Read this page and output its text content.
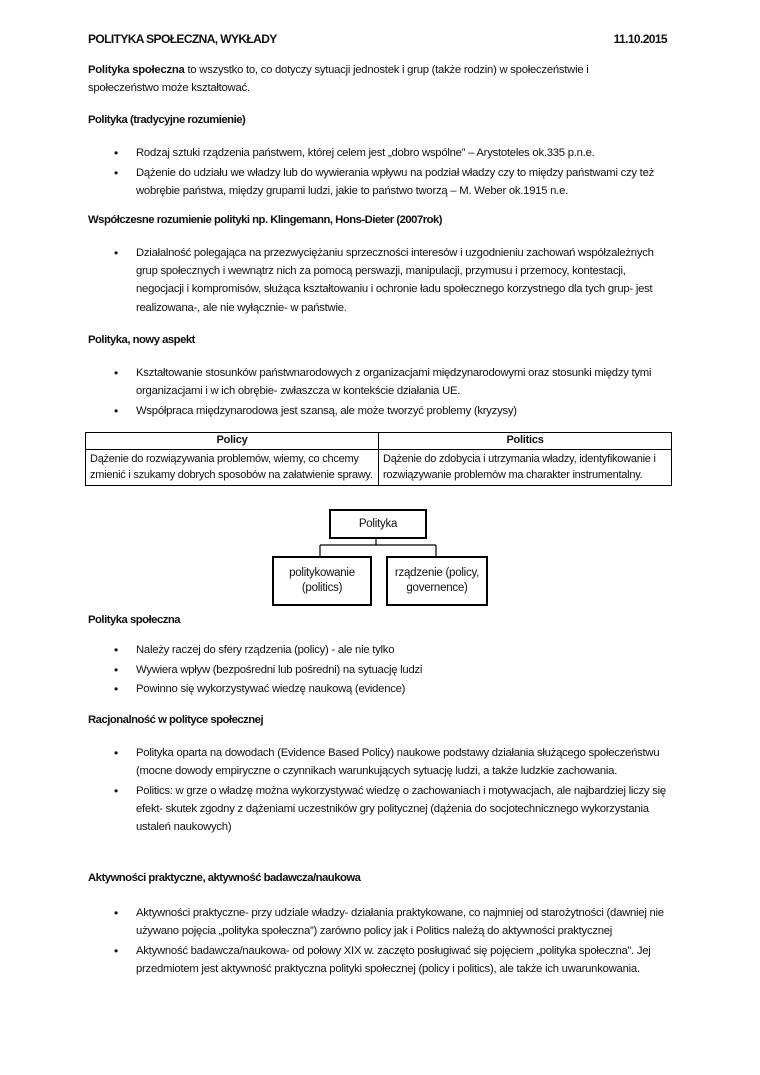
POLITYKA SPOŁECZNA, WYKŁADY	11.10.2015

Polityka społeczna to wszystko to, co dotyczy sytuacji jednostek i grup (także rodzin) w społeczeństwie i
społeczeństwo może kształtować.

Polityka (tradycyjne rozumienie)

• Rodzaj sztuki rządzenia państwem, której celem jest „dobro wspólne” – Arystoteles ok.335 p.n.e.
• Dążenie do udziału we władzy lub do wywierania wpływu na podział władzy czy to między państwami czy też wobrębie państwa, między grupami ludzi, jakie to państwo tworzą – M. Weber ok.1915 n.e.

Współczesne rozumienie polityki np. Klingemann, Hons-Dieter (2007rok)

• Działalność polegająca na przezwyciężaniu sprzeczności interesów i uzgodnieniu zachowań współzależnych grup społecznych i wewnątrz nich za pomocą perswazji, manipulacji, przymusu i przemocy, kontestacji, negocjacji i kompromisów, służąca kształtowaniu i ochronie ładu społecznego korzystnego dla tych grup- jest realizowana-, ale nie wyłącznie- w państwie.

Polityka, nowy aspekt

• Kształtowanie stosunków państwnarodowych z organizacjami międzynarodowymi oraz stosunki między tymi organizacjami i w ich obrębie- zwłaszcza w kontekście działania UE.
• Współpraca międzynarodowa jest szansą, ale może tworzyć problemy (kryzysy)
Policy	Politics
Dążenie do rozwiązywania problemów, wiemy, co chcemy zmienić i szukamy dobrych sposobów na załatwienie sprawy.	Dążenie do zdobycia i utrzymania władzy, identyfikowanie i rozwiązywanie problemów ma charakter instrumentalny.
Polityka
politykowanie (politics)
rządzenie (policy, governence)

Polityka społeczna

• Należy raczej do sfery rządzenia (policy) - ale nie tylko
• Wywiera wpływ (bezpośredni lub pośredni) na sytuację ludzi
• Powinno się wykorzystywać wiedzę naukową (evidence)

Racjonalność w polityce społecznej

• Polityka oparta na dowodach (Evidence Based Policy) naukowe podstawy działania służącego społeczeństwu (mocne dowody empiryczne o czynnikach warunkujących sytuację ludzi, a także ludzkie zachowania.
• Politics: w grze o władzę można wykorzystywać wiedzę o zachowaniach i motywacjach, ale najbardziej liczy się efekt- skutek zgodny z dążeniami uczestników gry politycznej (dążenia do socjotechnicznego wykorzystania ustaleń naukowych)

Aktywności praktyczne, aktywność badawcza/naukowa

• Aktywności praktyczne- przy udziale władzy- działania praktykowane, co najmniej od starożytności (dawniej nie używano pojęcia „polityka społeczna”) zarówno policy jak i Politics należą do aktywności praktycznej
• Aktywność badawcza/naukowa- od połowy XIX w. zaczęto posługiwać się pojęciem „polityka społeczna”. Jej przedmiotem jest aktywność praktyczna polityki społecznej (policy i politics), ale także ich uwarunkowania.
